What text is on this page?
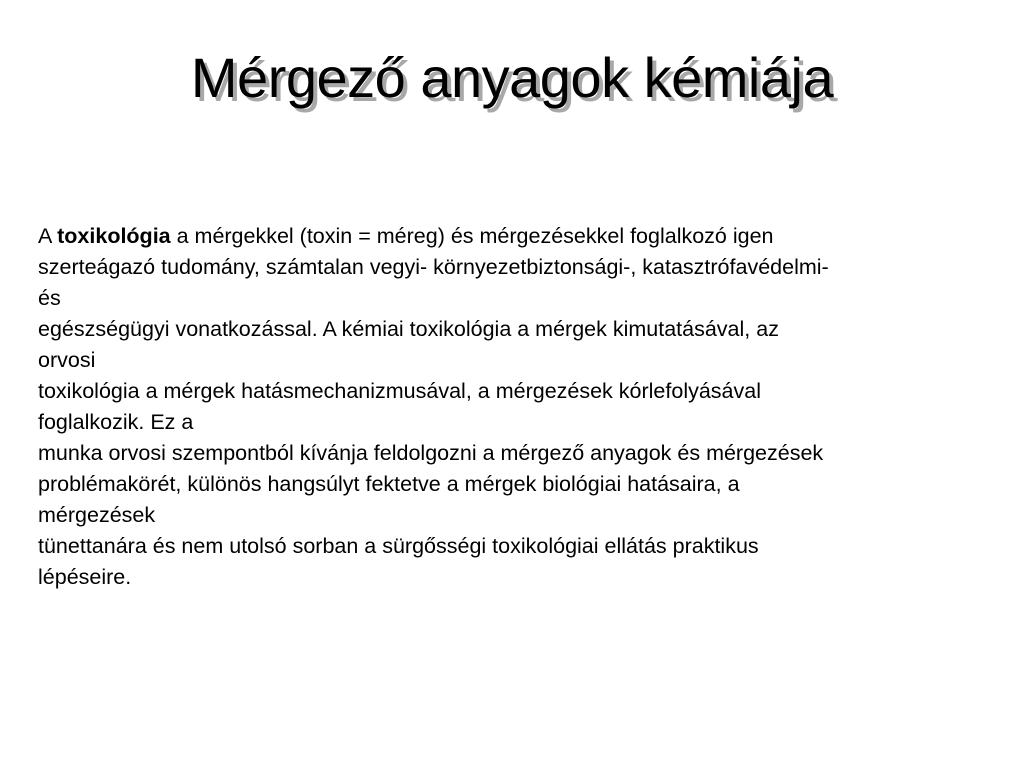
Mérgező anyagok kémiája
A toxikológia a mérgekkel (toxin = méreg) és mérgezésekkel foglalkozó igen
szerteágazó tudomány, számtalan vegyi- környezetbiztonsági-, katasztrófavédelmi-
és
egészségügyi vonatkozással. A kémiai toxikológia a mérgek kimutatásával, az
orvosi
toxikológia a mérgek hatásmechanizmusával, a mérgezések kórlefolyásával
foglalkozik. Ez a
munka orvosi szempontból kívánja feldolgozni a mérgező anyagok és mérgezések
problémakörét, különös hangsúlyt fektetve a mérgek biológiai hatásaira, a
mérgezések
tünettanára és nem utolsó sorban a sürgősségi toxikológiai ellátás praktikus
lépéseire.
